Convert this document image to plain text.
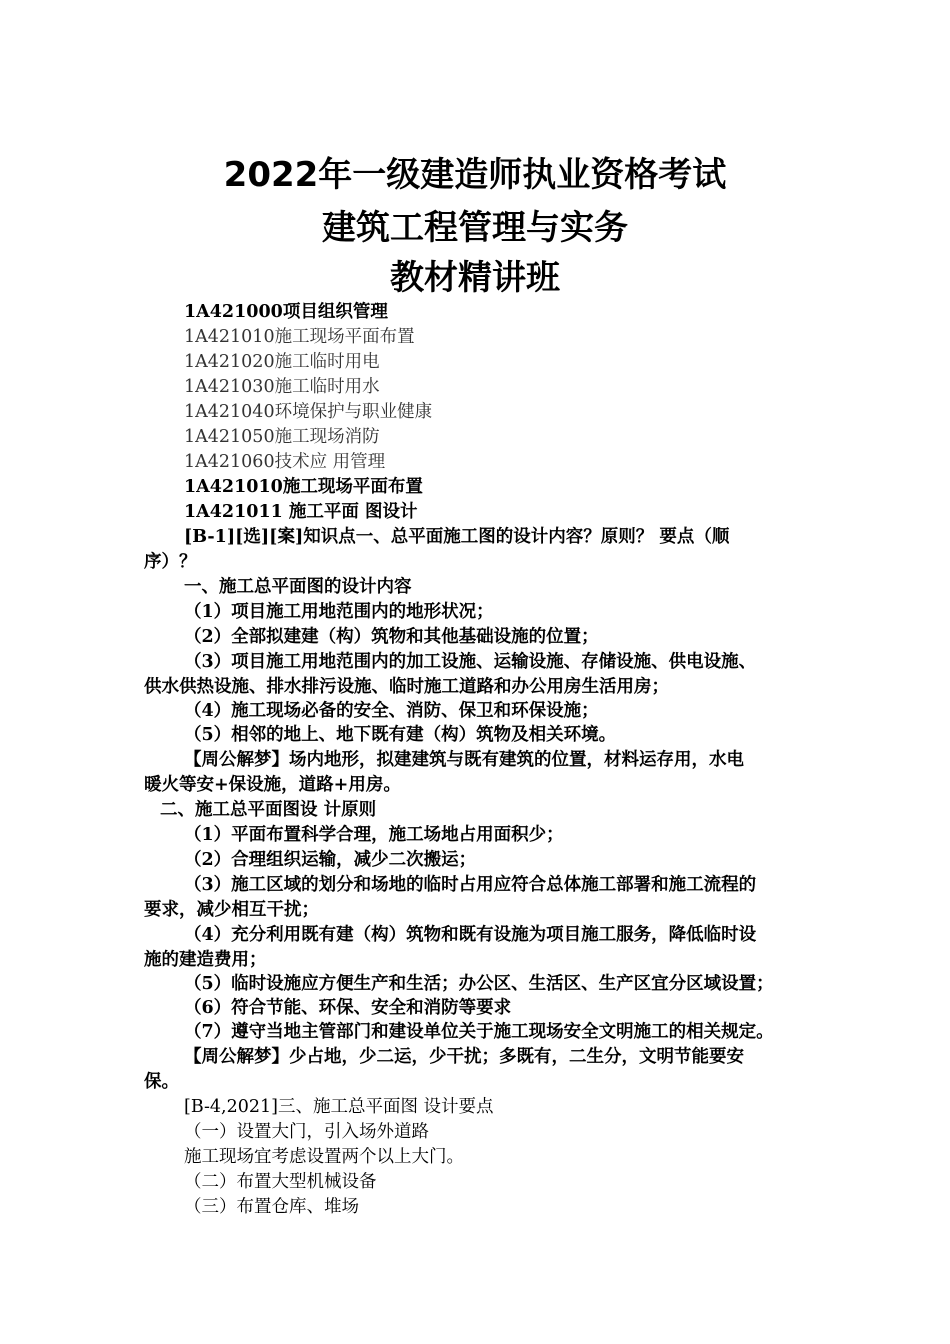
2022年一级建造师执业资格考试
建筑工程管理与实务
教材精讲班
1A421000项目组织管理
1A421010施工现场平面布置
1A421020施工临时用电
1A421030施工临时用水
1A421040环境保护与职业健康
1A421050施工现场消防
1A421060技术应 用管理
1A421010施工现场平面布置
1A421011 施工平面 图设计
[B-1][选][案]知识点一、总平面施工图的设计内容？原则？ 要点（顺
序）？
一、施工总平面图的设计内容
（1）项目施工用地范围内的地形状况；
（2）全部拟建建（构）筑物和其他基础设施的位置；
（3）项目施工用地范围内的加工设施、运输设施、存储设施、供电设施、
供水供热设施、排水排污设施、临时施工道路和办公用房生活用房；
（4）施工现场必备的安全、消防、保卫和环保设施；
（5）相邻的地上、地下既有建（构）筑物及相关环境。
【周公解梦】场内地形，拟建建筑与既有建筑的位置，材料运存用，水电
暖火等安+保设施，道路+用房。
二、施工总平面图设 计原则
（1）平面布置科学合理，施工场地占用面积少；
（2）合理组织运输，减少二次搬运；
（3）施工区域的划分和场地的临时占用应符合总体施工部署和施工流程的
要求，减少相互干扰；
（4）充分利用既有建（构）筑物和既有设施为项目施工服务，降低临时设
施的建造费用；
（5）临时设施应方便生产和生活；办公区、生活区、生产区宜分区域设置；
（6）符合节能、环保、安全和消防等要求
（7）遵守当地主管部门和建设单位关于施工现场安全文明施工的相关规定。
【周公解梦】少占地，少二运，少干扰；多既有，二生分，文明节能要安
保。
[B-4,2021]三、施工总平面图 设计要点
（一）设置大门，引入场外道路
施工现场宜考虑设置两个以上大门。
（二）布置大型机械设备
（三）布置仓库、堆场
